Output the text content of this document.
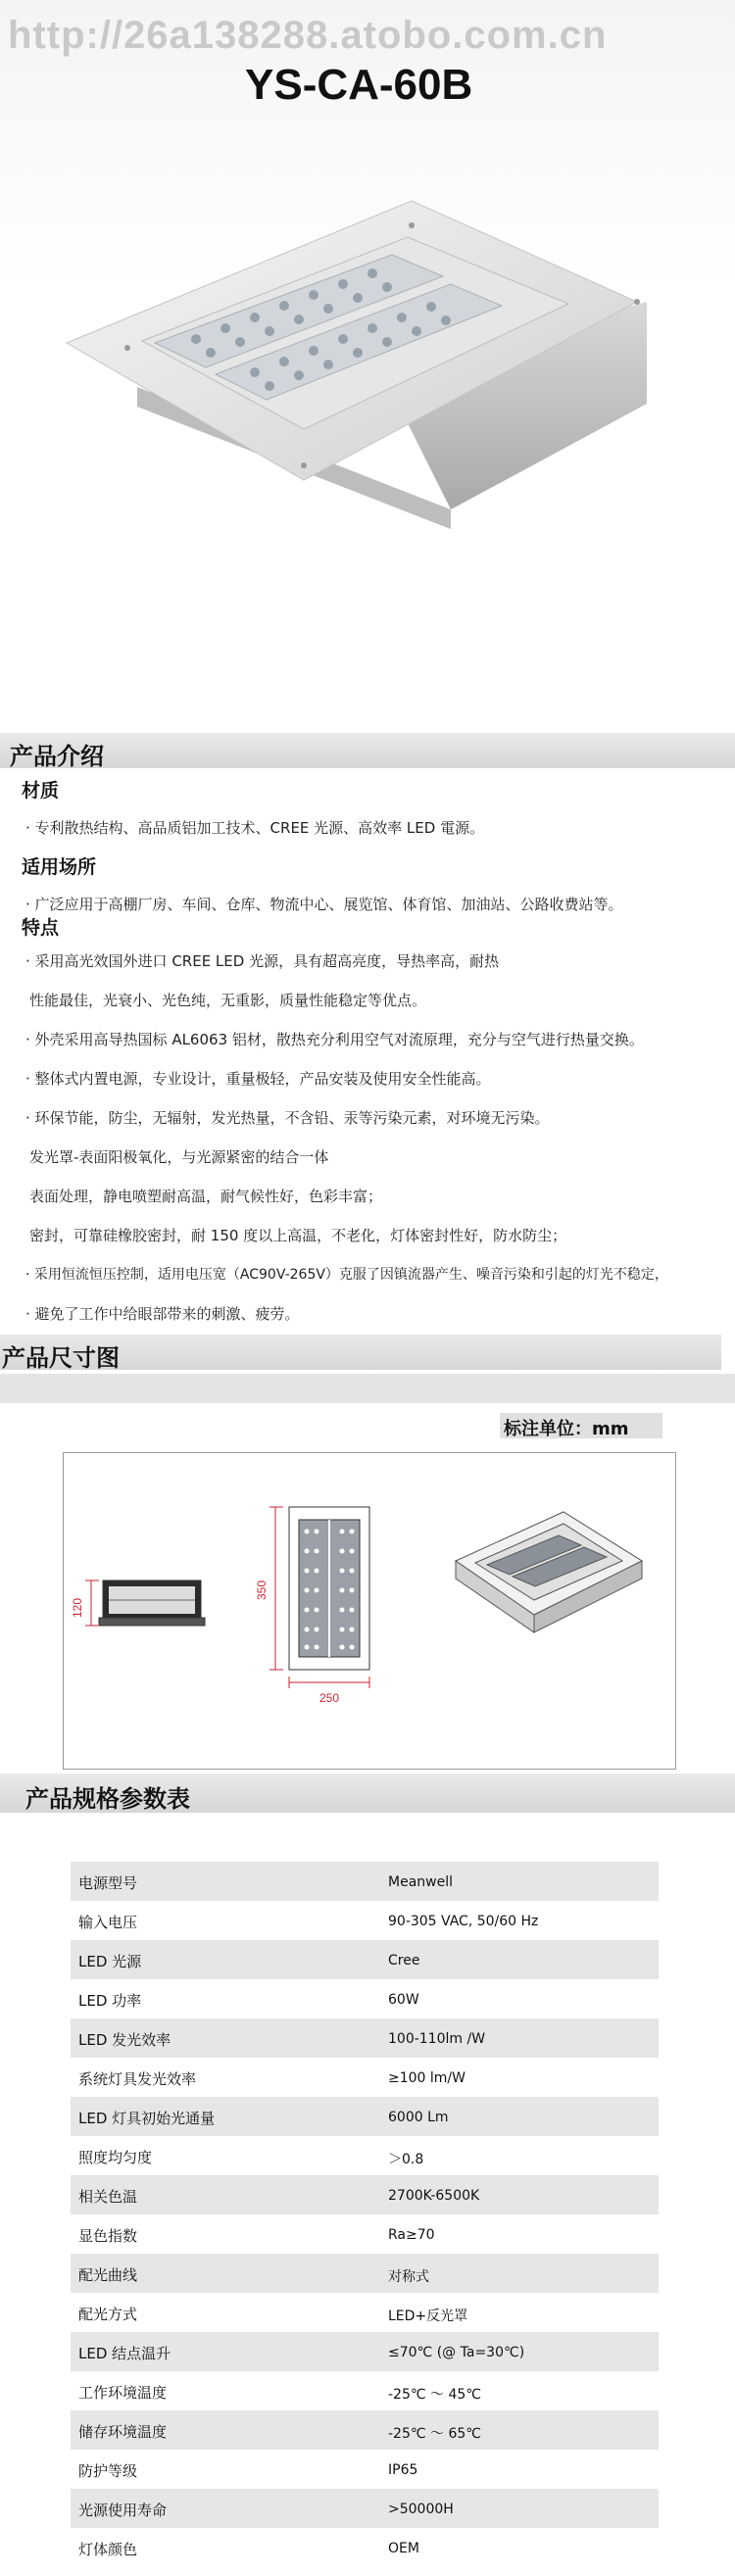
http://26a138288.atobo.com.cn
YS-CA-60B
产品介绍
材质
· 专利散热结构、高品质铝加工技术、CREE 光源、高效率 LED 電源。
适用场所
· 广泛应用于高棚厂房、车间、仓库、物流中心、展览馆、体育馆、加油站、公路收费站等。
特点
· 采用高光效国外进口 CREE LED 光源，具有超高亮度，导热率高，耐热
性能最佳，光衰小、光色纯，无重影，质量性能稳定等优点。
· 外壳采用高导热国标 AL6063 铝材，散热充分利用空气对流原理，充分与空气进行热量交换。
· 整体式内置电源，专业设计，重量极轻，产品安装及使用安全性能高。
· 环保节能，防尘，无辐射，发光热量，不含铅、汞等污染元素，对环境无污染。
发光罩-表面阳极氧化，与光源紧密的结合一体
表面处理，静电喷塑耐高温，耐气候性好，色彩丰富；
密封，可靠硅橡胶密封，耐 150 度以上高温，不老化，灯体密封性好，防水防尘；
· 采用恒流恒压控制，适用电压宽（AC90V-265V）克服了因镇流器产生、噪音污染和引起的灯光不稳定，
· 避免了工作中给眼部带来的刺激、疲劳。
产品尺寸图
标注单位：mm
120
350
250
产品规格参数表
电源型号	Meanwell
输入电压	90-305 VAC, 50/60 Hz
LED 光源	Cree
LED 功率	60W
LED 发光效率	100-110lm /W
系统灯具发光效率	≥100 lm/W
LED 灯具初始光通量	6000 Lm
照度均匀度	＞0.8
相关色温	2700K-6500K
显色指数	Ra≥70
配光曲线	对称式
配光方式	LED+反光罩
LED 结点温升	≤70℃ (@ Ta=30℃)
工作环境温度	-25℃ ～ 45℃
储存环境温度	-25℃ ～ 65℃
防护等级	IP65
光源使用寿命	>50000H
灯体颜色	OEM
